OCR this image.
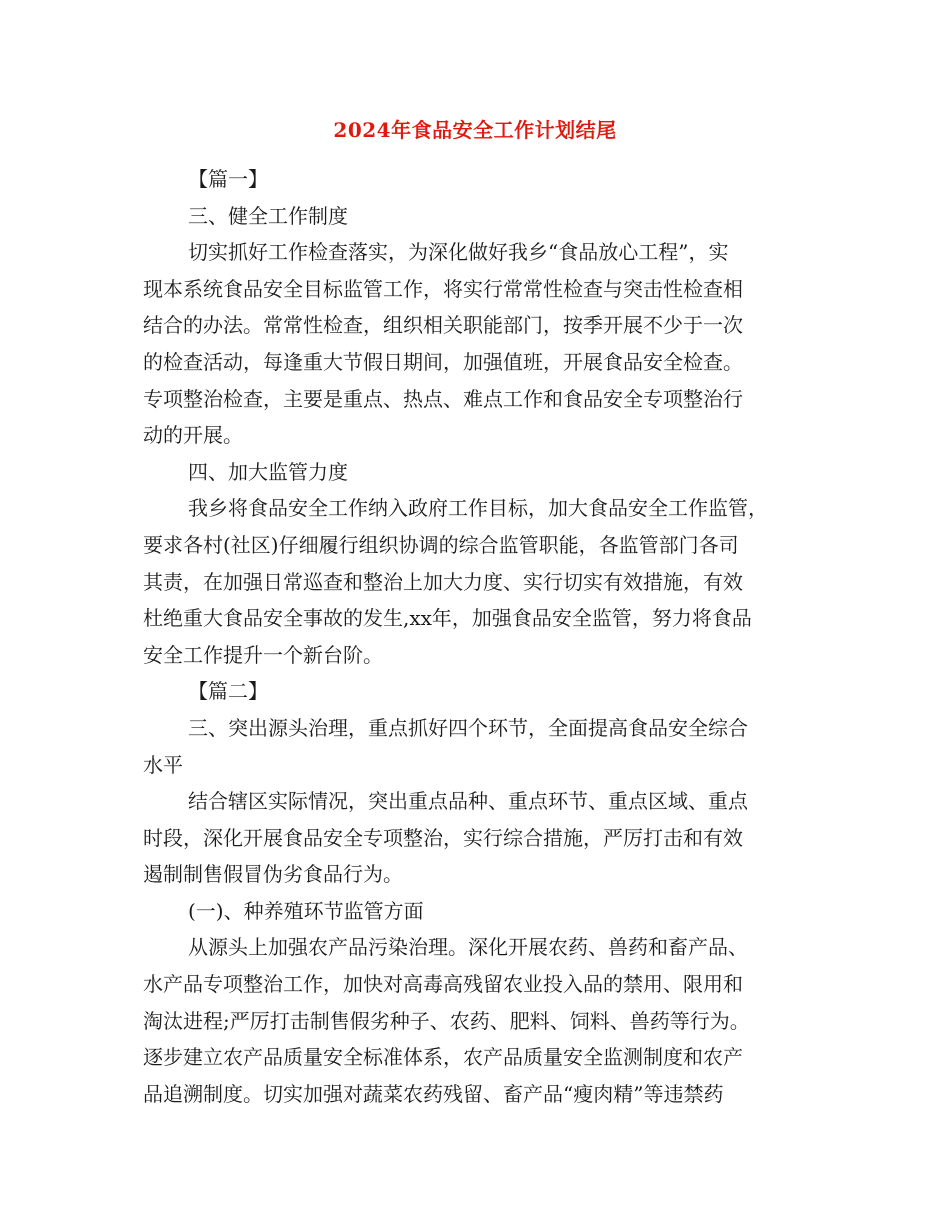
2024年食品安全工作计划结尾

【篇一】

三、健全工作制度

切实抓好工作检查落实，为深化做好我乡“食品放心工程”，实

现本系统食品安全目标监管工作，将实行常常性检查与突击性检查相

结合的办法。常常性检查，组织相关职能部门，按季开展不少于一次

的检查活动，每逢重大节假日期间，加强值班，开展食品安全检查。

专项整治检查，主要是重点、热点、难点工作和食品安全专项整治行

动的开展。

四、加大监管力度

我乡将食品安全工作纳入政府工作目标，加大食品安全工作监管，

要求各村(社区)仔细履行组织协调的综合监管职能，各监管部门各司

其责，在加强日常巡查和整治上加大力度、实行切实有效措施，有效

杜绝重大食品安全事故的发生,xx年，加强食品安全监管，努力将食品

安全工作提升一个新台阶。

【篇二】

三、突出源头治理，重点抓好四个环节，全面提高食品安全综合

水平

结合辖区实际情况，突出重点品种、重点环节、重点区域、重点

时段，深化开展食品安全专项整治，实行综合措施，严厉打击和有效

遏制制售假冒伪劣食品行为。

(一)、种养殖环节监管方面

从源头上加强农产品污染治理。深化开展农药、兽药和畜产品、

水产品专项整治工作，加快对高毒高残留农业投入品的禁用、限用和

淘汰进程;严厉打击制售假劣种子、农药、肥料、饲料、兽药等行为。

逐步建立农产品质量安全标准体系，农产品质量安全监测制度和农产

品追溯制度。切实加强对蔬菜农药残留、畜产品“瘦肉精”等违禁药
